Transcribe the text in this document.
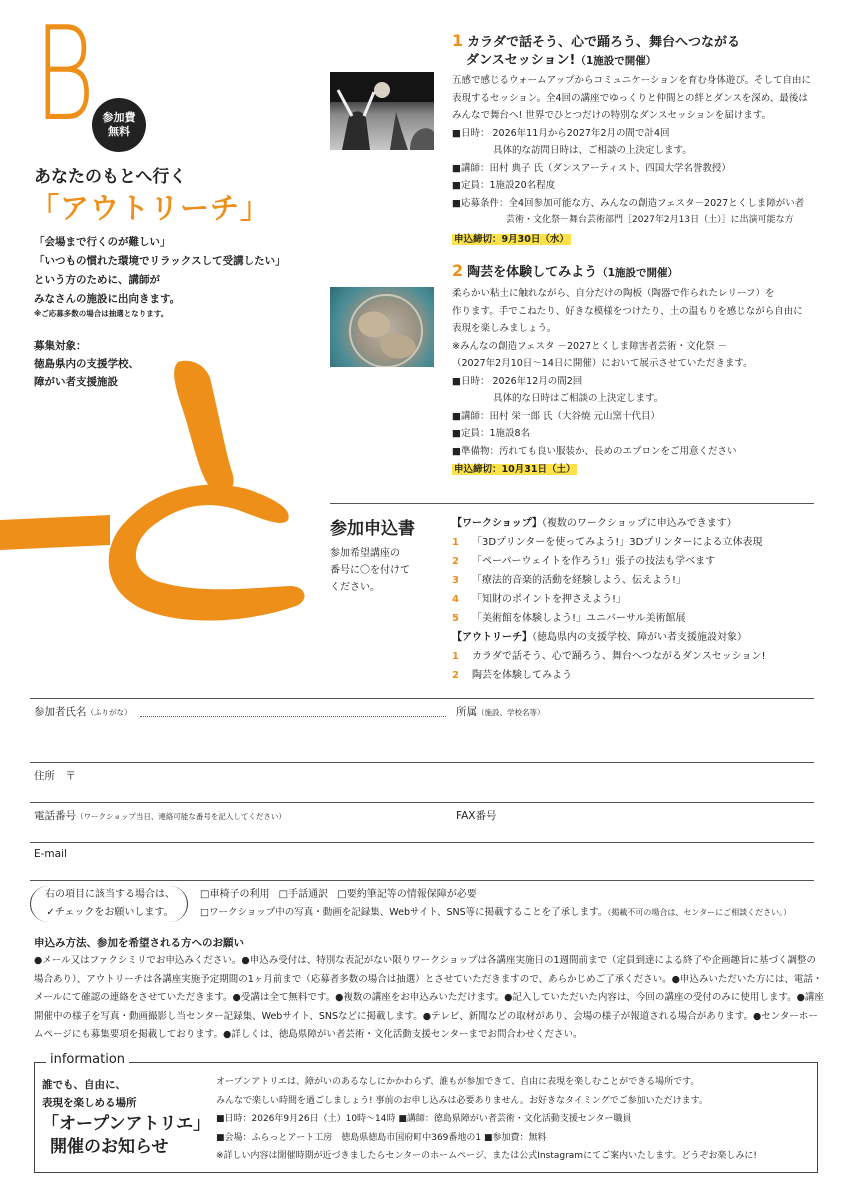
B 参加費
無料
あなたのもとへ行く
「アウトリーチ」
「会場まで行くのが難しい」
「いつもの慣れた環境でリラックスして受講したい」
という方のために、講師が
みなさんの施設に出向きます。
※ご応募多数の場合は抽選となります。
募集対象：
徳島県内の支援学校、
障がい者支援施設
1 カラダで話そう、心で踊ろう、舞台へつながる
ダンスセッション!（1施設で開催）
五感で感じるウォームアップからコミュニケーションを育む身体遊び。そして自由に
表現するセッション。全4回の講座でゆっくりと仲間との絆とダンスを深め、最後は
みんなで舞台へ! 世界でひとつだけの特別なダンスセッションを届けます。
■日時： 2026年11月から2027年2月の間で計4回
　　　　 具体的な訪問日時は、ご相談の上決定します。
■講師：田村 典子 氏（ダンスアーティスト、四国大学名誉教授）
■定員：1施設20名程度
■応募条件：全4回参加可能な方、みんなの創造フェスタ－2027とくしま障がい者
　　　　　　芸術・文化祭－舞台芸術部門［2027年2月13日（土）］に出演可能な方
申込締切：9月30日（水）
2 陶芸を体験してみよう（1施設で開催）
柔らかい粘土に触れながら、自分だけの陶板（陶器で作られたレリーフ）を
作ります。手でこねたり、好きな模様をつけたり、土の温もりを感じながら自由に
表現を楽しみましょう。
※みんなの創造フェスタ －2027とくしま障害者芸術・文化祭 －
（2027年2月10日～14日に開催）において展示させていただきます。
■日時： 2026年12月の間2回
　　　　 具体的な日時はご相談の上決定します。
■講師：田村 栄一郎 氏（大谷焼 元山窯十代目）
■定員：1施設8名
■準備物：汚れても良い服装か、長めのエプロンをご用意ください
申込締切：10月31日（土）
参加申込書
参加希望講座の
番号に〇を付けて
ください。
【ワークショップ】（複数のワークショップに申込みできます）
1 「3Dプリンターを使ってみよう!」3Dプリンターによる立体表現
2 「ペーパーウェイトを作ろう!」張子の技法も学べます
3 「療法的音楽的活動を経験しよう、伝えよう!」
4 「知財のポイントを押さえよう!」
5 「美術館を体験しよう!」ユニバーサル美術館展
【アウトリーチ】（徳島県内の支援学校、障がい者支援施設対象）
1 カラダで話そう、心で踊ろう、舞台へつながるダンスセッション!
2 陶芸を体験してみよう
参加者氏名（ふりがな）	所属（施設、学校名等）
住所　〒
電話番号（ワークショップ当日、連絡可能な番号を記入してください）	FAX番号
E-mail
右の項目に該当する場合は、
✓チェックをお願いします。
□車椅子の利用 □手話通訳 □要約筆記等の情報保障が必要
□ワークショップ中の写真・動画を記録集、Webサイト、SNS等に掲載することを了承します。（掲載不可の場合は、センターにご相談ください。）
申込み方法、参加を希望される方へのお願い
●メール又はファクシミリでお申込みください。●申込み受付は、特別な表記がない限りワークショップは各講座実施日の1週間前まで（定員到達による終了や企画趣旨に基づく調整の場合あり）、アウトリーチは各講座実施予定期間の1ヶ月前まで（応募者多数の場合は抽選）とさせていただきますので、あらかじめご了承ください。●申込みいただいた方には、電話・メールにて確認の連絡をさせていただきます。●受講は全て無料です。●複数の講座をお申込みいただけます。●記入していただいた内容は、今回の講座の受付のみに使用します。●講座開催中の様子を写真・動画撮影し当センター記録集、Webサイト、SNSなどに掲載します。●テレビ、新聞などの取材があり、会場の様子が報道される場合があります。●センターホームページにも募集要項を掲載しております。●詳しくは、徳島県障がい者芸術・文化活動支援センターまでお問合わせください。
information
誰でも、自由に、
表現を楽しめる場所
「オープンアトリエ」
開催のお知らせ
オープンアトリエは、障がいのあるなしにかかわらず、誰もが参加できて、自由に表現を楽しむことができる場所です。
みんなで楽しい時間を過ごしましょう! 事前のお申し込みは必要ありません。お好きなタイミングでご参加いただけます。
■日時：2026年9月26日（土）10時～14時 ■講師：徳島県障がい者芸術・文化活動支援センター職員
■会場：ふらっとアート工房　徳島県徳島市国府町中369番地の1 ■参加費：無料
※詳しい内容は開催時期が近づきましたらセンターのホームページ、または公式Instagramにてご案内いたします。どうぞお楽しみに!
